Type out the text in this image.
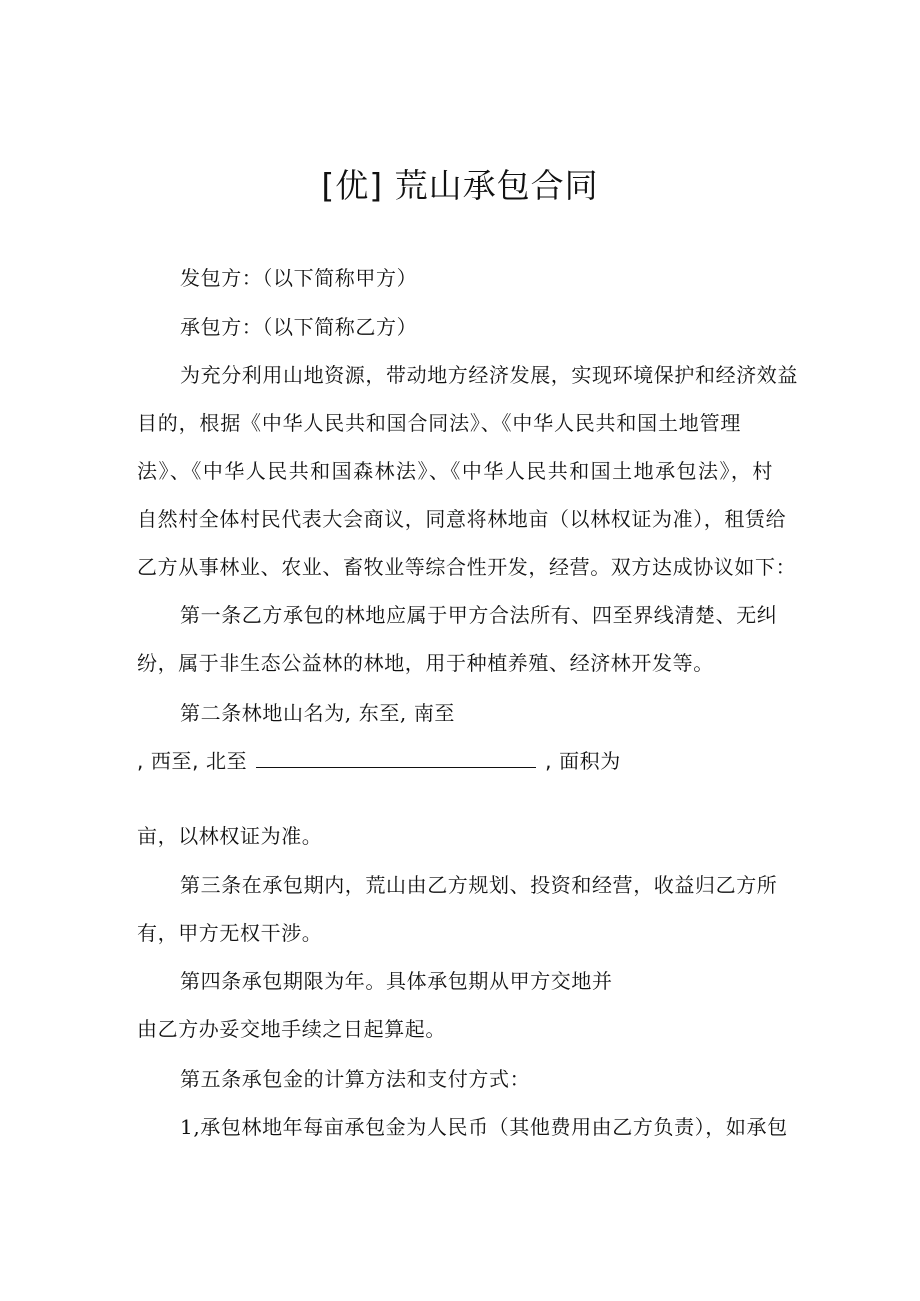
[优] 荒山承包合同
发包方：（以下简称甲方）
承包方：（以下简称乙方）
为充分利用山地资源，带动地方经济发展，实现环境保护和经济效益
目的，根据《中华人民共和国合同法》、《中华人民共和国土地管理
法》、《中华人民共和国森林法》、《中华人民共和国土地承包法》，村
自然村全体村民代表大会商议，同意将林地亩（以林权证为准），租赁给
乙方从事林业、农业、畜牧业等综合性开发，经营。双方达成协议如下：
第一条乙方承包的林地应属于甲方合法所有、四至界线清楚、无纠
纷，属于非生态公益林的林地，用于种植养殖、经济林开发等。
第二条林地山名为, 东至, 南至
, 西至, 北至	, 面积为
亩，以林权证为准。
第三条在承包期内，荒山由乙方规划、投资和经营，收益归乙方所
有，甲方无权干涉。
第四条承包期限为年。具体承包期从甲方交地并
由乙方办妥交地手续之日起算起。
第五条承包金的计算方法和支付方式：
1,承包林地年每亩承包金为人民币（其他费用由乙方负责），如承包
